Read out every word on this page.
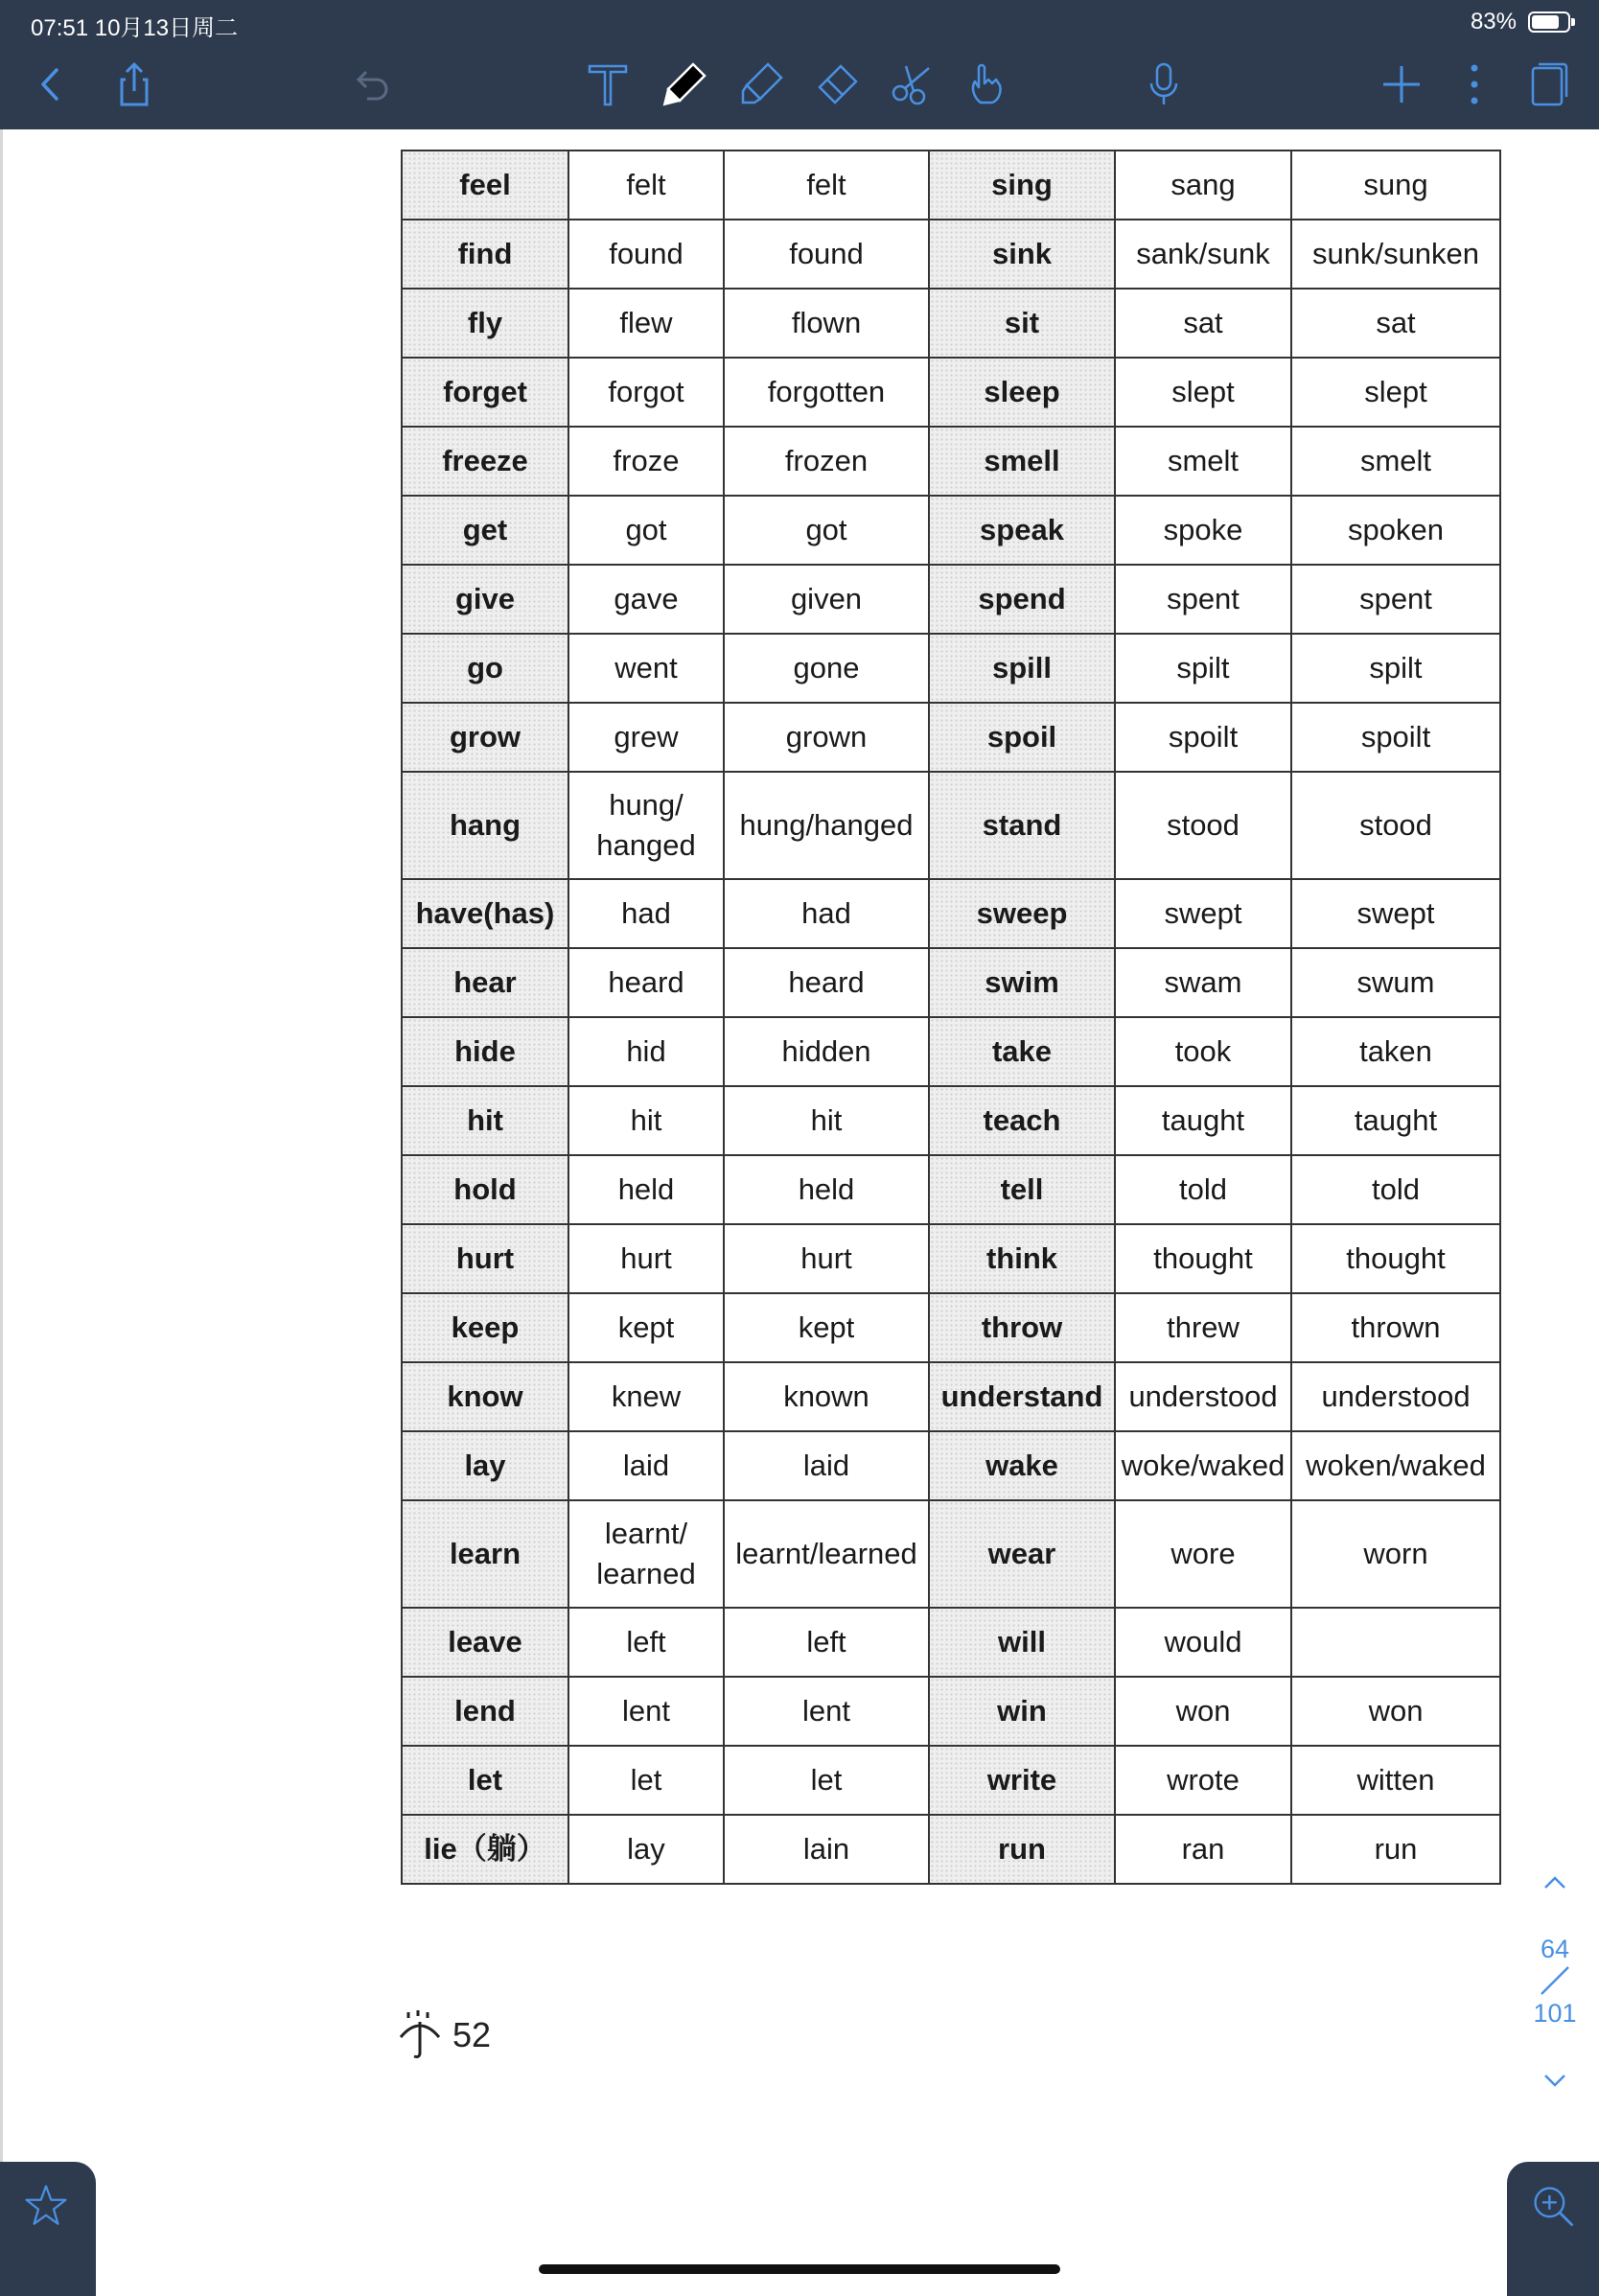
07:51 10月13日周二	83%
feel	felt	felt	sing	sang	sung
find	found	found	sink	sank/sunk	sunk/sunken
fly	flew	flown	sit	sat	sat
forget	forgot	forgotten	sleep	slept	slept
freeze	froze	frozen	smell	smelt	smelt
get	got	got	speak	spoke	spoken
give	gave	given	spend	spent	spent
go	went	gone	spill	spilt	spilt
grow	grew	grown	spoil	spoilt	spoilt
hang	hung/ hanged	hung/hanged	stand	stood	stood
have(has)	had	had	sweep	swept	swept
hear	heard	heard	swim	swam	swum
hide	hid	hidden	take	took	taken
hit	hit	hit	teach	taught	taught
hold	held	held	tell	told	told
hurt	hurt	hurt	think	thought	thought
keep	kept	kept	throw	threw	thrown
know	knew	known	understand	understood	understood
lay	laid	laid	wake	woke/waked	woken/waked
learn	learnt/ learned	learnt/learned	wear	wore	worn
leave	left	left	will	would	
lend	lent	lent	win	won	won
let	let	let	write	wrote	witten
lie（躺）	lay	lain	run	ran	run
52
64
101
